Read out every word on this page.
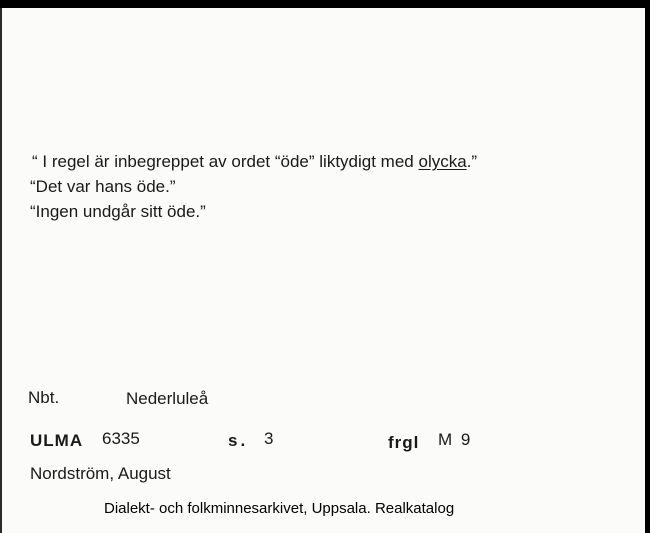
“ I regel är inbegreppet av ordet “öde” liktydigt med olycka.”
“Det var hans öde.”
“Ingen undgår sitt öde.”
Nbt.	Nederluleå
ULMA 6335	s. 3	frgl M 9
Nordström, August
Dialekt- och folkminnesarkivet, Uppsala. Realkatalog
